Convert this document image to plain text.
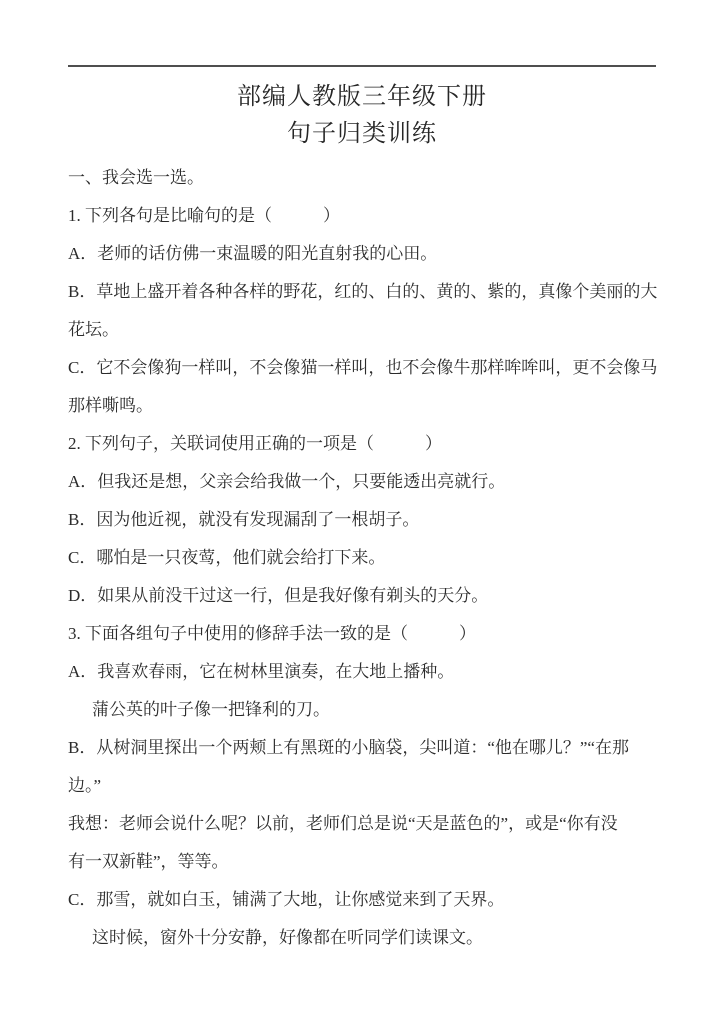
部编人教版三年级下册
句子归类训练
一、我会选一选。
1. 下列各句是比喻句的是（　　　）
A．老师的话仿佛一束温暖的阳光直射我的心田。
B．草地上盛开着各种各样的野花，红的、白的、黄的、紫的，真像个美丽的大
花坛。
C．它不会像狗一样叫，不会像猫一样叫，也不会像牛那样哞哞叫，更不会像马
那样嘶鸣。
2. 下列句子，关联词使用正确的一项是（　　　）
A．但我还是想，父亲会给我做一个，只要能透出亮就行。
B．因为他近视，就没有发现漏刮了一根胡子。
C．哪怕是一只夜莺，他们就会给打下来。
D．如果从前没干过这一行，但是我好像有剃头的天分。
3. 下面各组句子中使用的修辞手法一致的是（　　　）
A．我喜欢春雨，它在树林里演奏，在大地上播种。
蒲公英的叶子像一把锋利的刀。
B．从树洞里探出一个两颊上有黑斑的小脑袋，尖叫道：“他在哪儿？”“在那
边。”
我想：老师会说什么呢？以前，老师们总是说“天是蓝色的”，或是“你有没
有一双新鞋”，等等。
C．那雪，就如白玉，铺满了大地，让你感觉来到了天界。
这时候，窗外十分安静，好像都在听同学们读课文。
